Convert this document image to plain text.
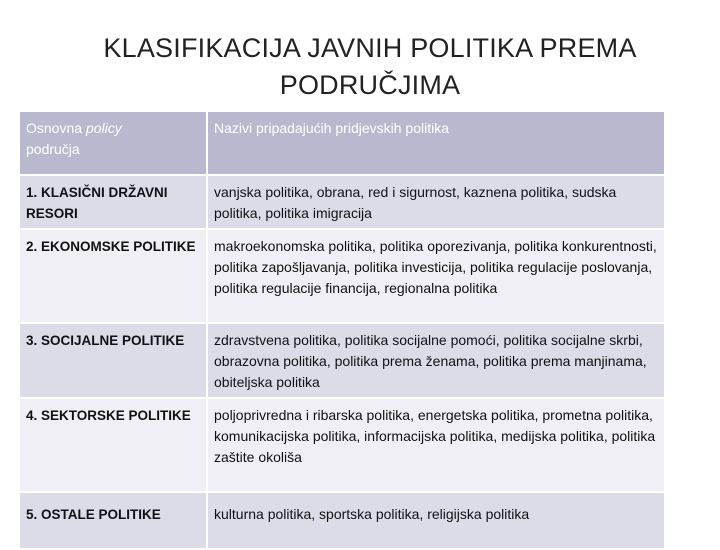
KLASIFIKACIJA JAVNIH POLITIKA PREMA
PODRUČJIMA
Osnovna policy
područja	Nazivi pripadajućih pridjevskih politika
1. KLASIČNI DRŽAVNI RESORI	vanjska politika, obrana, red i sigurnost, kaznena politika, sudska politika, politika imigracija
2. EKONOMSKE POLITIKE	makroekonomska politika, politika oporezivanja, politika konkurentnosti, politika zapošljavanja, politika investicija, politika regulacije poslovanja, politika regulacije financija, regionalna politika
3. SOCIJALNE POLITIKE	zdravstvena politika, politika socijalne pomoći, politika socijalne skrbi, obrazovna politika, politika prema ženama, politika prema manjinama, obiteljska politika
4. SEKTORSKE POLITIKE	poljoprivredna i ribarska politika, energetska politika, prometna politika, komunikacijska politika, informacijska politika, medijska politika, politika zaštite okoliša
5. OSTALE POLITIKE	kulturna politika, sportska politika, religijska politika
